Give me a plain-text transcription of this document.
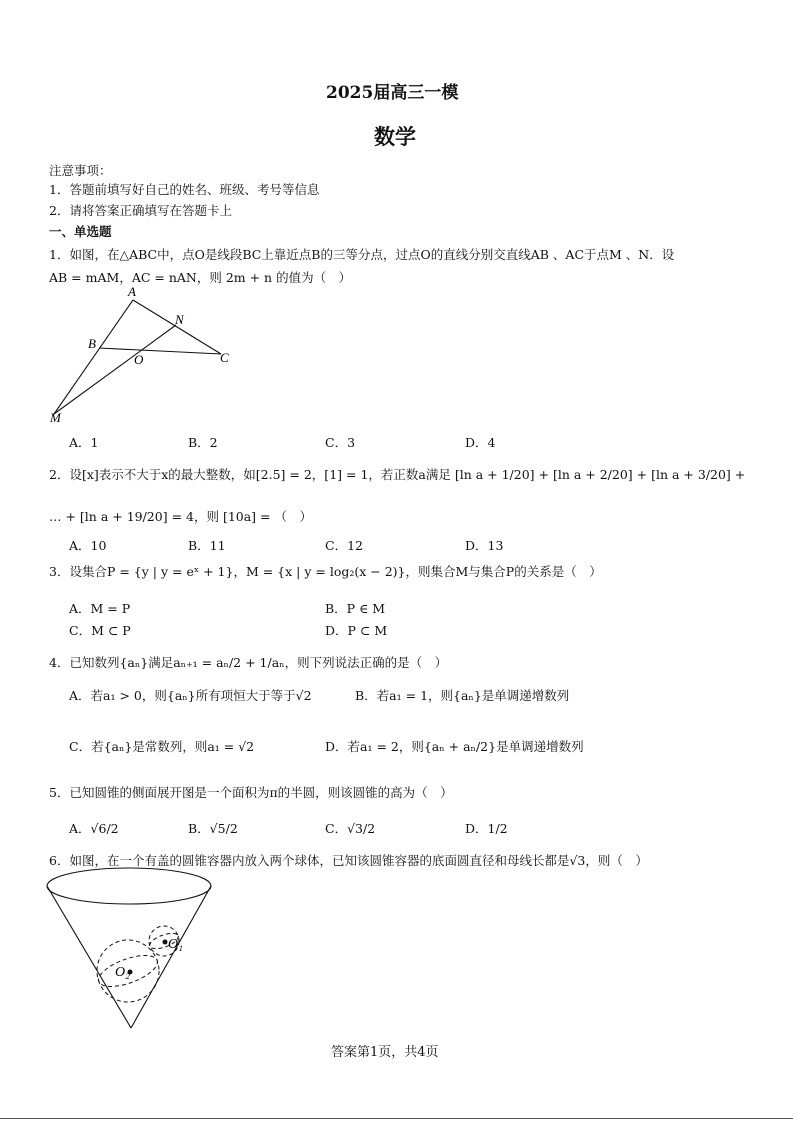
2025届高三一模
数学
注意事项：
1．答题前填写好自己的姓名、班级、考号等信息
2．请将答案正确填写在答题卡上
一、单选题
1．如图，在△ABC中，点O是线段BC上靠近点B的三等分点，过点O的直线分别交直线AB 、AC于点M 、N．设
AB = mAM，AC = nAN，则 2m + n 的值为（　）
A
N
B
O	C
M
A．1	B．2	C．3	D．4
2．设[x]表示不大于x的最大整数，如[2.5] = 2，[1] = 1，若正数a满足 [ln a + 1/20] + [ln a + 2/20] + [ln a + 3/20] +
… + [ln a + 19/20] = 4，则 [10a] = （　）
A．10	B．11	C．12	D．13
3．设集合P = {y | y = eˣ + 1}，M = {x | y = log₂(x − 2)}，则集合M与集合P的关系是（　）
A．M = P	B．P ∈ M
C．M ⊂ P	D．P ⊂ M
4．已知数列{aₙ}满足aₙ₊₁ = aₙ/2 + 1/aₙ，则下列说法正确的是（　）
A．若a₁ > 0，则{aₙ}所有项恒大于等于√2	B．若a₁ = 1，则{aₙ}是单调递增数列
C．若{aₙ}是常数列，则a₁ = √2	D．若a₁ = 2，则{aₙ + aₙ/2}是单调递增数列
5．已知圆锥的侧面展开图是一个面积为π的半圆，则该圆锥的高为（　）
A．√6/2	B．√5/2	C．√3/2	D．1/2
6．如图，在一个有盖的圆锥容器内放入两个球体，已知该圆锥容器的底面圆直径和母线长都是√3，则（　）
O₂
O₁
答案第1页，共4页
